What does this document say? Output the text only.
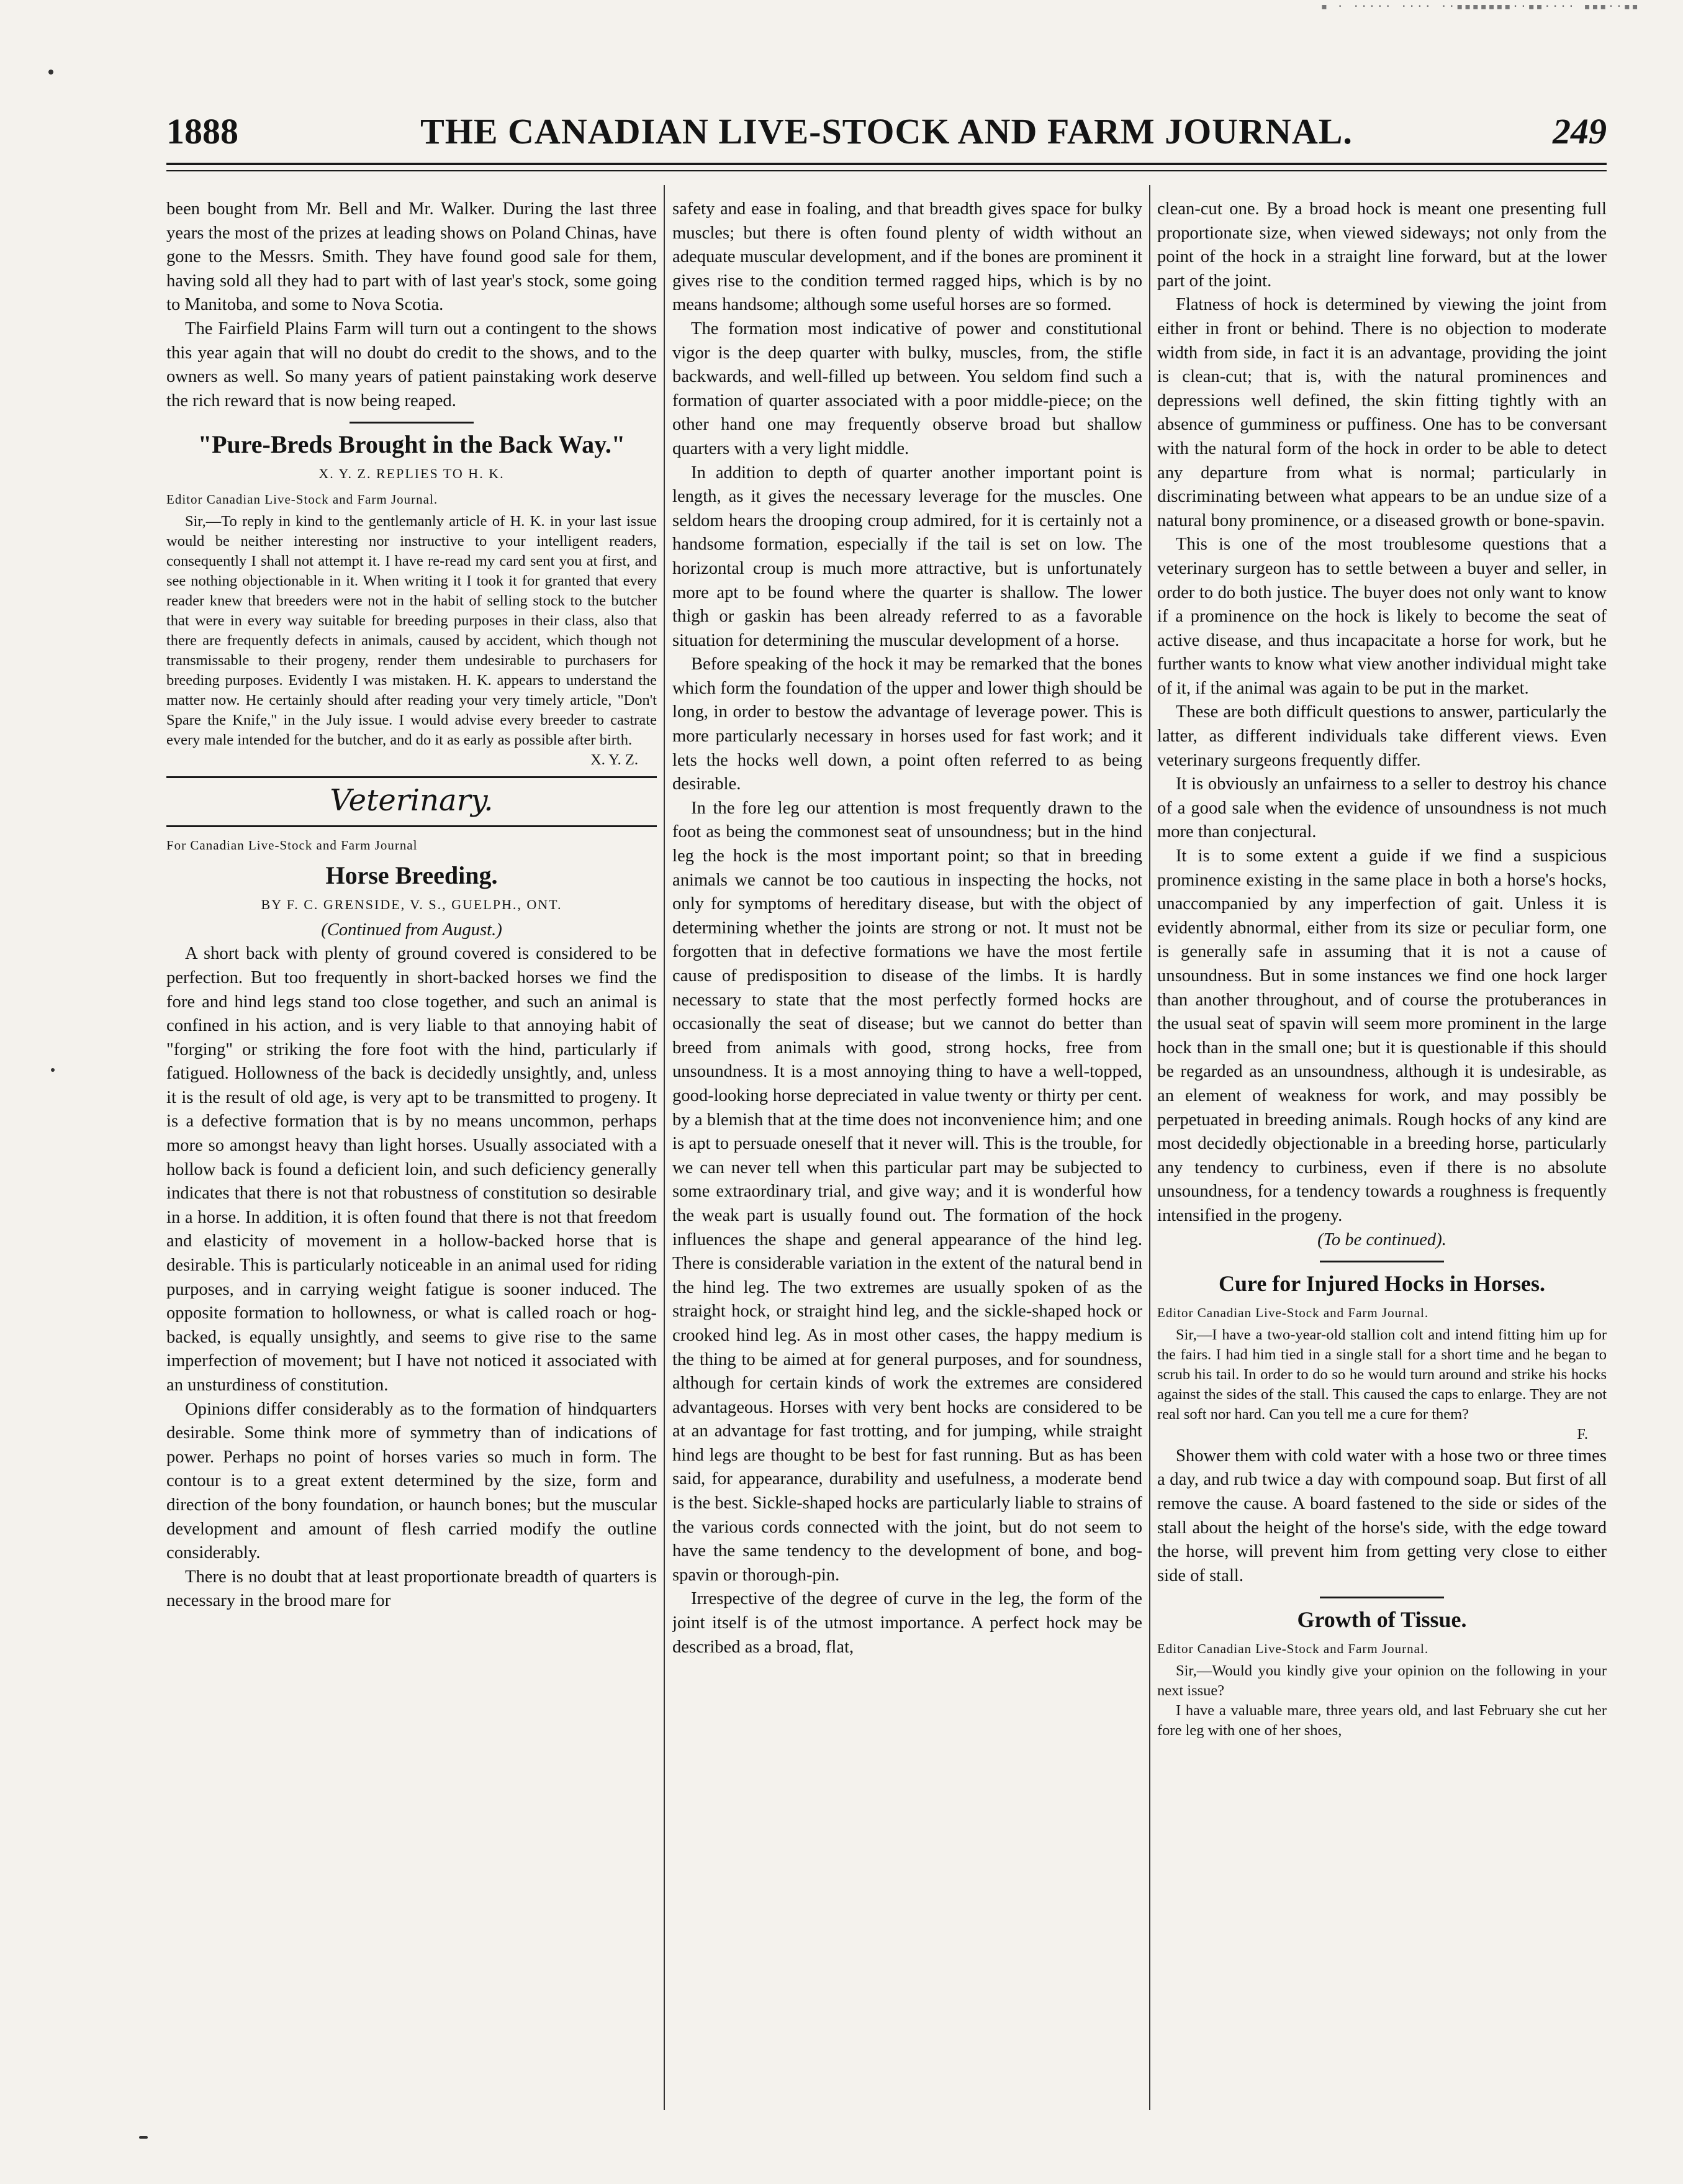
▪ · ····· ···· ··▪▪▪▪▪▪▪··▪▪···· ▪▪▪··▪▪
1888	THE CANADIAN LIVE-STOCK AND FARM JOURNAL.	249

been bought from Mr. Bell and Mr. Walker. During the last three years the most of the prizes at leading shows on Poland Chinas, have gone to the Messrs. Smith. They have found good sale for them, having sold all they had to part with of last year's stock, some going to Manitoba, and some to Nova Scotia.

The Fairfield Plains Farm will turn out a contingent to the shows this year again that will no doubt do credit to the shows, and to the owners as well. So many years of patient painstaking work deserve the rich reward that is now being reaped.

"Pure-Breds Brought in the Back Way."
X. Y. Z. REPLIES TO H. K.
Editor Canadian Live-Stock and Farm Journal.

Sir,—To reply in kind to the gentlemanly article of H. K. in your last issue would be neither interesting nor instructive to your intelligent readers, consequently I shall not attempt it. I have re-read my card sent you at first, and see nothing objectionable in it. When writing it I took it for granted that every reader knew that breeders were not in the habit of selling stock to the butcher that were in every way suitable for breeding purposes in their class, also that there are frequently defects in animals, caused by accident, which though not transmissable to their progeny, render them undesirable to purchasers for breeding purposes. Evidently I was mistaken. H. K. appears to understand the matter now. He certainly should after reading your very timely article, "Don't Spare the Knife," in the July issue. I would advise every breeder to castrate every male intended for the butcher, and do it as early as possible after birth.

X. Y. Z.
Veterinary.
For Canadian Live-Stock and Farm Journal
Horse Breeding.
BY F. C. GRENSIDE, V. S., GUELPH., ONT.
(Continued from August.)

A short back with plenty of ground covered is considered to be perfection. But too frequently in short-backed horses we find the fore and hind legs stand too close together, and such an animal is confined in his action, and is very liable to that annoying habit of "forging" or striking the fore foot with the hind, particularly if fatigued. Hollowness of the back is decidedly unsightly, and, unless it is the result of old age, is very apt to be transmitted to progeny. It is a defective formation that is by no means uncommon, perhaps more so amongst heavy than light horses. Usually associated with a hollow back is found a deficient loin, and such deficiency generally indicates that there is not that robustness of constitution so desirable in a horse. In addition, it is often found that there is not that freedom and elasticity of movement in a hollow-backed horse that is desirable. This is particularly noticeable in an animal used for riding purposes, and in carrying weight fatigue is sooner induced. The opposite formation to hollowness, or what is called roach or hog-backed, is equally unsightly, and seems to give rise to the same imperfection of movement; but I have not noticed it associated with an unsturdiness of constitution.

Opinions differ considerably as to the formation of hindquarters desirable. Some think more of symmetry than of indications of power. Perhaps no point of horses varies so much in form. The contour is to a great extent determined by the size, form and direction of the bony foundation, or haunch bones; but the muscular development and amount of flesh carried modify the outline considerably.

There is no doubt that at least proportionate breadth of quarters is necessary in the brood mare for

safety and ease in foaling, and that breadth gives space for bulky muscles; but there is often found plenty of width without an adequate muscular development, and if the bones are prominent it gives rise to the condition termed ragged hips, which is by no means handsome; although some useful horses are so formed.

The formation most indicative of power and constitutional vigor is the deep quarter with bulky, muscles, from, the stifle backwards, and well-filled up between. You seldom find such a formation of quarter associated with a poor middle-piece; on the other hand one may frequently observe broad but shallow quarters with a very light middle.

In addition to depth of quarter another important point is length, as it gives the necessary leverage for the muscles. One seldom hears the drooping croup admired, for it is certainly not a handsome formation, especially if the tail is set on low. The horizontal croup is much more attractive, but is unfortunately more apt to be found where the quarter is shallow. The lower thigh or gaskin has been already referred to as a favorable situation for determining the muscular development of a horse.

Before speaking of the hock it may be remarked that the bones which form the foundation of the upper and lower thigh should be long, in order to bestow the advantage of leverage power. This is more particularly necessary in horses used for fast work; and it lets the hocks well down, a point often referred to as being desirable.

In the fore leg our attention is most frequently drawn to the foot as being the commonest seat of unsoundness; but in the hind leg the hock is the most important point; so that in breeding animals we cannot be too cautious in inspecting the hocks, not only for symptoms of hereditary disease, but with the object of determining whether the joints are strong or not. It must not be forgotten that in defective formations we have the most fertile cause of predisposition to disease of the limbs. It is hardly necessary to state that the most perfectly formed hocks are occasionally the seat of disease; but we cannot do better than breed from animals with good, strong hocks, free from unsoundness. It is a most annoying thing to have a well-topped, good-looking horse depreciated in value twenty or thirty per cent. by a blemish that at the time does not inconvenience him; and one is apt to persuade oneself that it never will. This is the trouble, for we can never tell when this particular part may be subjected to some extraordinary trial, and give way; and it is wonderful how the weak part is usually found out. The formation of the hock influences the shape and general appearance of the hind leg. There is considerable variation in the extent of the natural bend in the hind leg. The two extremes are usually spoken of as the straight hock, or straight hind leg, and the sickle-shaped hock or crooked hind leg. As in most other cases, the happy medium is the thing to be aimed at for general purposes, and for soundness, although for certain kinds of work the extremes are considered advantageous. Horses with very bent hocks are considered to be at an advantage for fast trotting, and for jumping, while straight hind legs are thought to be best for fast running. But as has been said, for appearance, durability and usefulness, a moderate bend is the best. Sickle-shaped hocks are particularly liable to strains of the various cords connected with the joint, but do not seem to have the same tendency to the development of bone, and bog-spavin or thorough-pin.

Irrespective of the degree of curve in the leg, the form of the joint itself is of the utmost importance. A perfect hock may be described as a broad, flat,

clean-cut one. By a broad hock is meant one presenting full proportionate size, when viewed sideways; not only from the point of the hock in a straight line forward, but at the lower part of the joint.

Flatness of hock is determined by viewing the joint from either in front or behind. There is no objection to moderate width from side, in fact it is an advantage, providing the joint is clean-cut; that is, with the natural prominences and depressions well defined, the skin fitting tightly with an absence of gumminess or puffiness. One has to be conversant with the natural form of the hock in order to be able to detect any departure from what is normal; particularly in discriminating between what appears to be an undue size of a natural bony prominence, or a diseased growth or bone-spavin.

This is one of the most troublesome questions that a veterinary surgeon has to settle between a buyer and seller, in order to do both justice. The buyer does not only want to know if a prominence on the hock is likely to become the seat of active disease, and thus incapacitate a horse for work, but he further wants to know what view another individual might take of it, if the animal was again to be put in the market.

These are both difficult questions to answer, particularly the latter, as different individuals take different views. Even veterinary surgeons frequently differ.

It is obviously an unfairness to a seller to destroy his chance of a good sale when the evidence of unsoundness is not much more than conjectural.

It is to some extent a guide if we find a suspicious prominence existing in the same place in both a horse's hocks, unaccompanied by any imperfection of gait. Unless it is evidently abnormal, either from its size or peculiar form, one is generally safe in assuming that it is not a cause of unsoundness. But in some instances we find one hock larger than another throughout, and of course the protuberances in the usual seat of spavin will seem more prominent in the large hock than in the small one; but it is questionable if this should be regarded as an unsoundness, although it is undesirable, as an element of weakness for work, and may possibly be perpetuated in breeding animals. Rough hocks of any kind are most decidedly objectionable in a breeding horse, particularly any tendency to curbiness, even if there is no absolute unsoundness, for a tendency towards a roughness is frequently intensified in the progeny.

(To be continued).
Cure for Injured Hocks in Horses.
Editor Canadian Live-Stock and Farm Journal.

Sir,—I have a two-year-old stallion colt and intend fitting him up for the fairs. I had him tied in a single stall for a short time and he began to scrub his tail. In order to do so he would turn around and strike his hocks against the sides of the stall. This caused the caps to enlarge. They are not real soft nor hard. Can you tell me a cure for them?

F.

Shower them with cold water with a hose two or three times a day, and rub twice a day with compound soap. But first of all remove the cause. A board fastened to the side or sides of the stall about the height of the horse's side, with the edge toward the horse, will prevent him from getting very close to either side of stall.

Growth of Tissue.
Editor Canadian Live-Stock and Farm Journal.

Sir,—Would you kindly give your opinion on the following in your next issue?

I have a valuable mare, three years old, and last February she cut her fore leg with one of her shoes,
